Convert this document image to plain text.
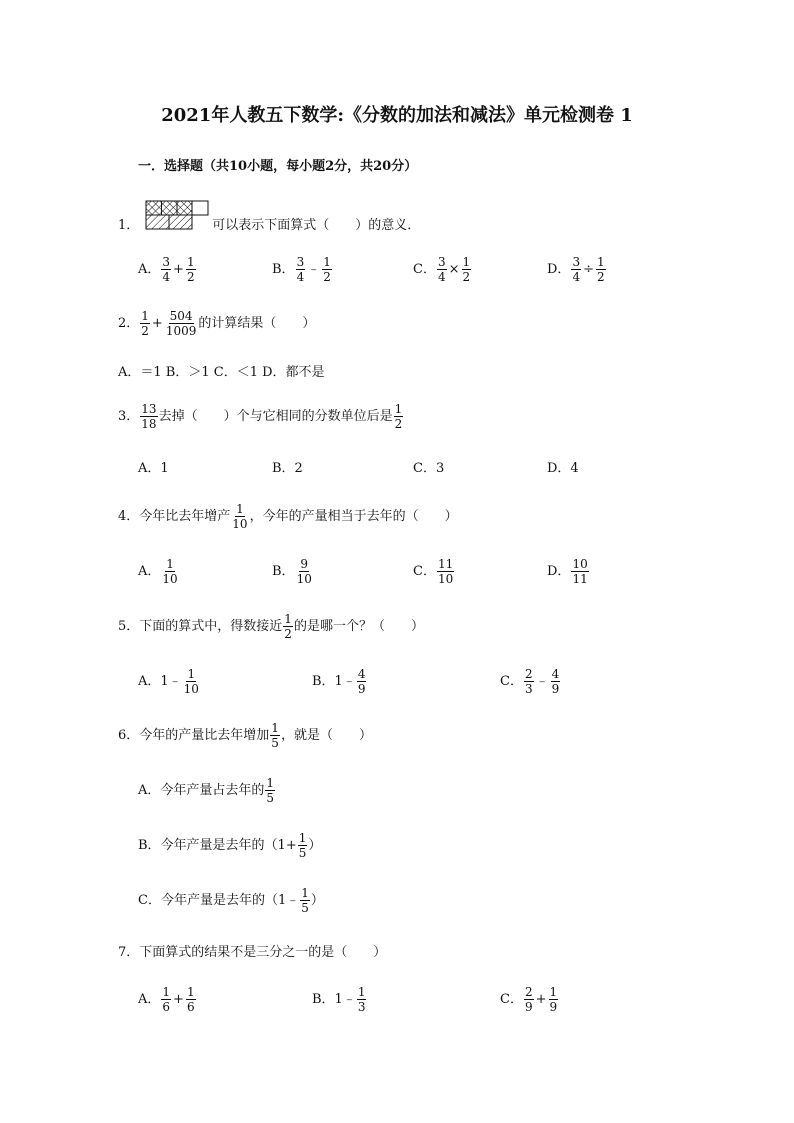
2021年人教五下数学:《分数的加法和减法》单元检测卷 1
一．选择题（共10小题，每小题2分，共20分）
1．	可以表示下面算式（　　）的意义．
A． $\frac{3}{4} + \frac{1}{2}$	B． $\frac{3}{4}$ ﹣ $\frac{1}{2}$	C． $\frac{3}{4} \times \frac{1}{2}$	D． $\frac{3}{4} \div \frac{1}{2}$
2． $\frac{1}{2} + \frac{504}{1009}$ 的计算结果（　　）
A．＝1 B．＞1 C．＜1 D．都不是
3． $\frac{13}{18}$ 去掉（　　）个与它相同的分数单位后是 $\frac{1}{2}$
A．1	B．2	C．3	D．4
4． 今年比去年增产 $\frac{1}{10}$ ，今年的产量相当于去年的（　　）
A． $\frac{1}{10}$	B． $\frac{9}{10}$	C． $\frac{11}{10}$	D． $\frac{10}{11}$
5． 下面的算式中，得数接近 $\frac{1}{2}$ 的是哪一个？（　　）
A．1﹣ $\frac{1}{10}$	B．1﹣ $\frac{4}{9}$	C． $\frac{2}{3}$ ﹣ $\frac{4}{9}$
6． 今年的产量比去年增加 $\frac{1}{5}$ ，就是（　　）
A．今年产量占去年的 $\frac{1}{5}$
B．今年产量是去年的（$1+ \frac{1}{5}$ ）
C．今年产量是去年的（1﹣ $\frac{1}{5}$ ）
7．下面算式的结果不是三分之一的是（　　）
A． $\frac{1}{6} + \frac{1}{6}$	B．1﹣ $\frac{1}{3}$	C． $\frac{2}{9} + \frac{1}{9}$
